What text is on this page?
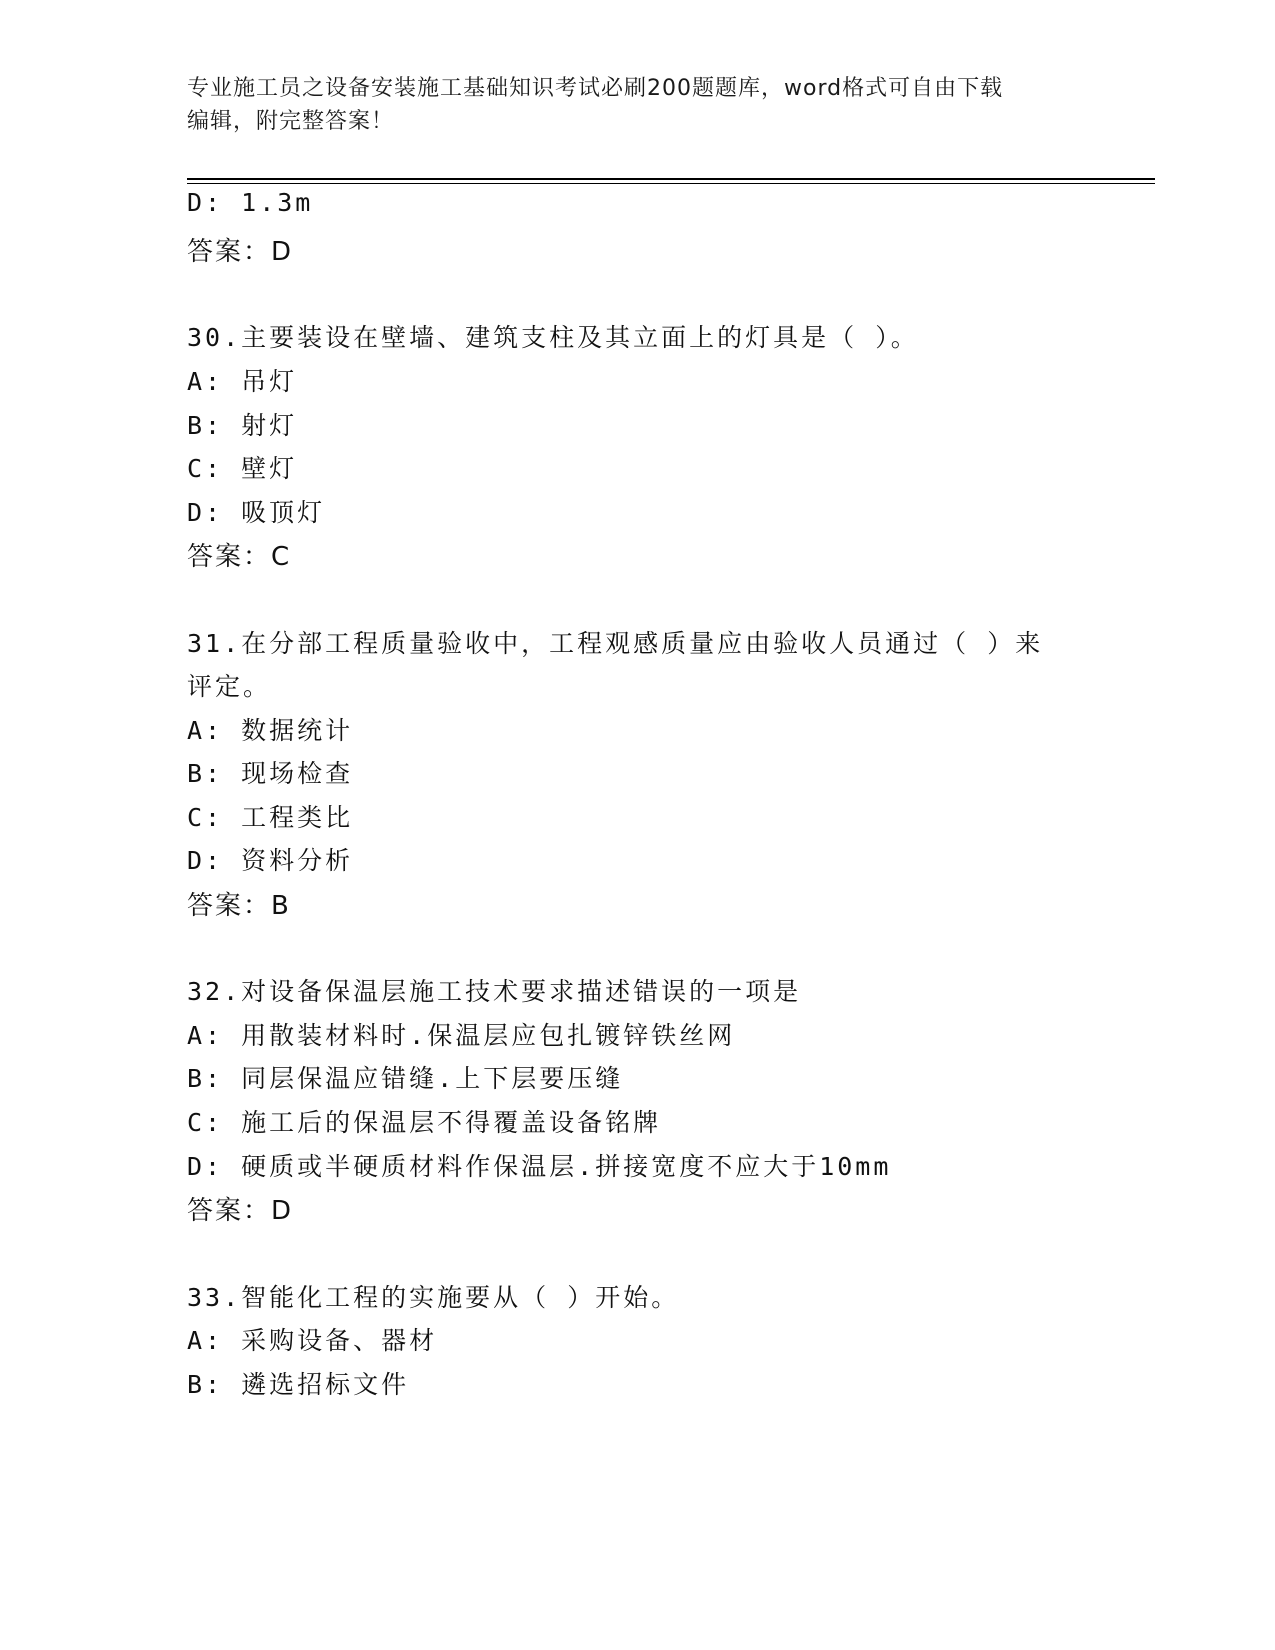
专业施工员之设备安装施工基础知识考试必刷200题题库，word格式可自由下载
编辑，附完整答案！
D: 1.3m
答案：D
30.主要装设在壁墙、建筑支柱及其立面上的灯具是（ ）。
A: 吊灯
B: 射灯
C: 壁灯
D: 吸顶灯
答案：C
31.在分部工程质量验收中，工程观感质量应由验收人员通过（ ）来
评定。
A: 数据统计
B: 现场检查
C: 工程类比
D: 资料分析
答案：B
32.对设备保温层施工技术要求描述错误的一项是
A: 用散装材料时.保温层应包扎镀锌铁丝网
B: 同层保温应错缝.上下层要压缝
C: 施工后的保温层不得覆盖设备铭牌
D: 硬质或半硬质材料作保温层.拼接宽度不应大于10mm
答案：D
33.智能化工程的实施要从（ ）开始。
A: 采购设备、器材
B: 遴选招标文件
